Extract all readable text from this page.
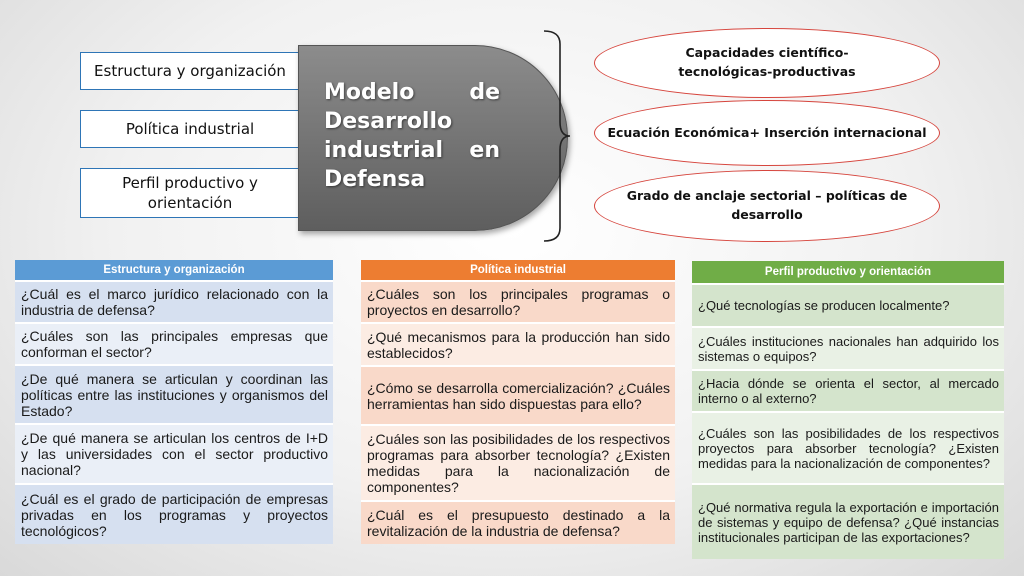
Estructura y organización
Política industrial
Perfil productivo y orientación
Modelo de Desarrollo industrial en Defensa
Capacidades científico-tecnológicas-productivas
Ecuación Económica+ Inserción internacional
Grado de anclaje sectorial – políticas de desarrollo
Estructura y organización
¿Cuál es el marco jurídico relacionado con la industria de defensa?
¿Cuáles son las principales empresas que conforman el sector?
¿De qué manera se articulan y coordinan las políticas entre las instituciones y organismos del Estado?
¿De qué manera se articulan los centros de I+D y las universidades con el sector productivo nacional?
¿Cuál es el grado de participación de empresas privadas en los programas y proyectos tecnológicos?
Política industrial
¿Cuáles son los principales programas o proyectos en desarrollo?
¿Qué mecanismos para la producción han sido establecidos?
¿Cómo se desarrolla comercialización? ¿Cuáles herramientas han sido dispuestas para ello?
¿Cuáles son las posibilidades de los respectivos programas para absorber tecnología? ¿Existen medidas para la nacionalización de componentes?
¿Cuál es el presupuesto destinado a la revitalización de la industria de defensa?
Perfil productivo y orientación
¿Qué tecnologías se producen localmente?
¿Cuáles instituciones nacionales han adquirido los sistemas o equipos?
¿Hacia dónde se orienta el sector, al mercado interno o al externo?
¿Cuáles son las posibilidades de los respectivos proyectos para absorber tecnología? ¿Existen medidas para la nacionalización de componentes?
¿Qué normativa regula la exportación e importación de sistemas y equipo de defensa? ¿Qué instancias institucionales participan de las exportaciones?
